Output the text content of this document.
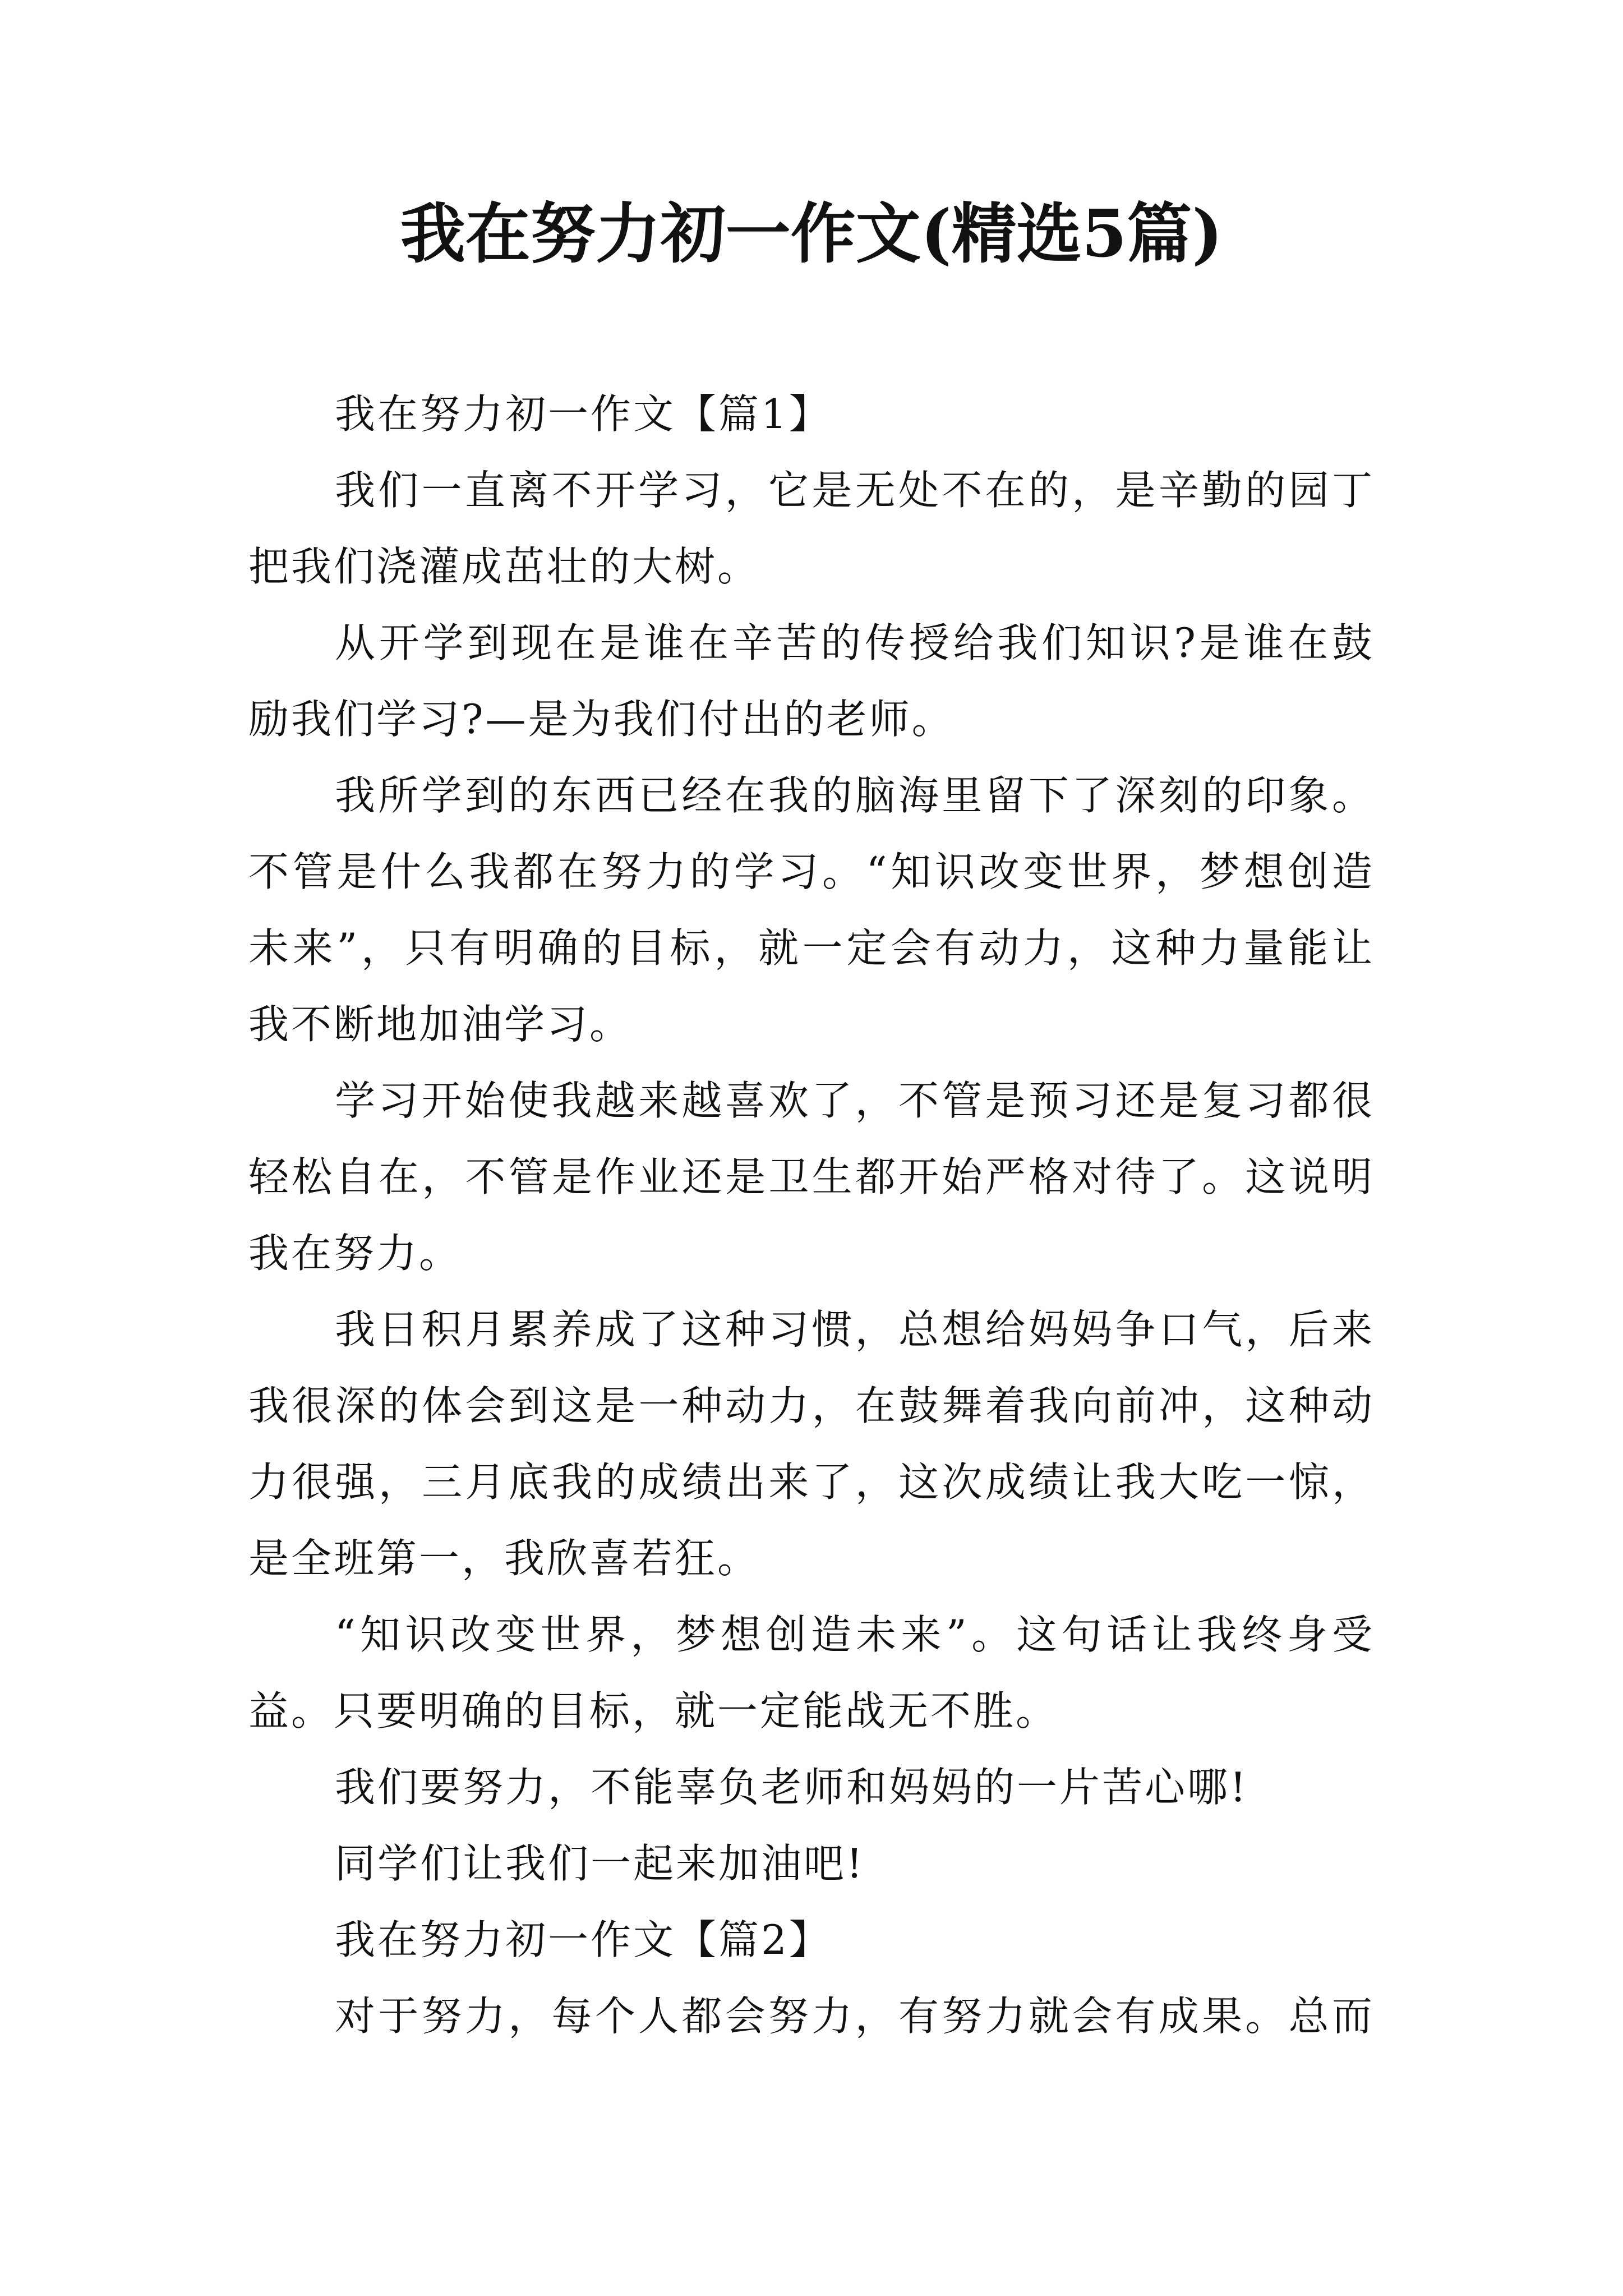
我在努力初一作文(精选5篇)
我在努力初一作文【篇1】
我们一直离不开学习，它是无处不在的，是辛勤的园丁
把我们浇灌成茁壮的大树。
从开学到现在是谁在辛苦的传授给我们知识?是谁在鼓
励我们学习?—是为我们付出的老师。
我所学到的东西已经在我的脑海里留下了深刻的印象。
不管是什么我都在努力的学习。“知识改变世界，梦想创造
未来”，只有明确的目标，就一定会有动力，这种力量能让
我不断地加油学习。
学习开始使我越来越喜欢了，不管是预习还是复习都很
轻松自在，不管是作业还是卫生都开始严格对待了。这说明
我在努力。
我日积月累养成了这种习惯，总想给妈妈争口气，后来
我很深的体会到这是一种动力，在鼓舞着我向前冲，这种动
力很强，三月底我的成绩出来了，这次成绩让我大吃一惊，
是全班第一，我欣喜若狂。
“知识改变世界，梦想创造未来”。这句话让我终身受
益。只要明确的目标，就一定能战无不胜。
我们要努力，不能辜负老师和妈妈的一片苦心哪!
同学们让我们一起来加油吧!
我在努力初一作文【篇2】
对于努力，每个人都会努力，有努力就会有成果。总而
